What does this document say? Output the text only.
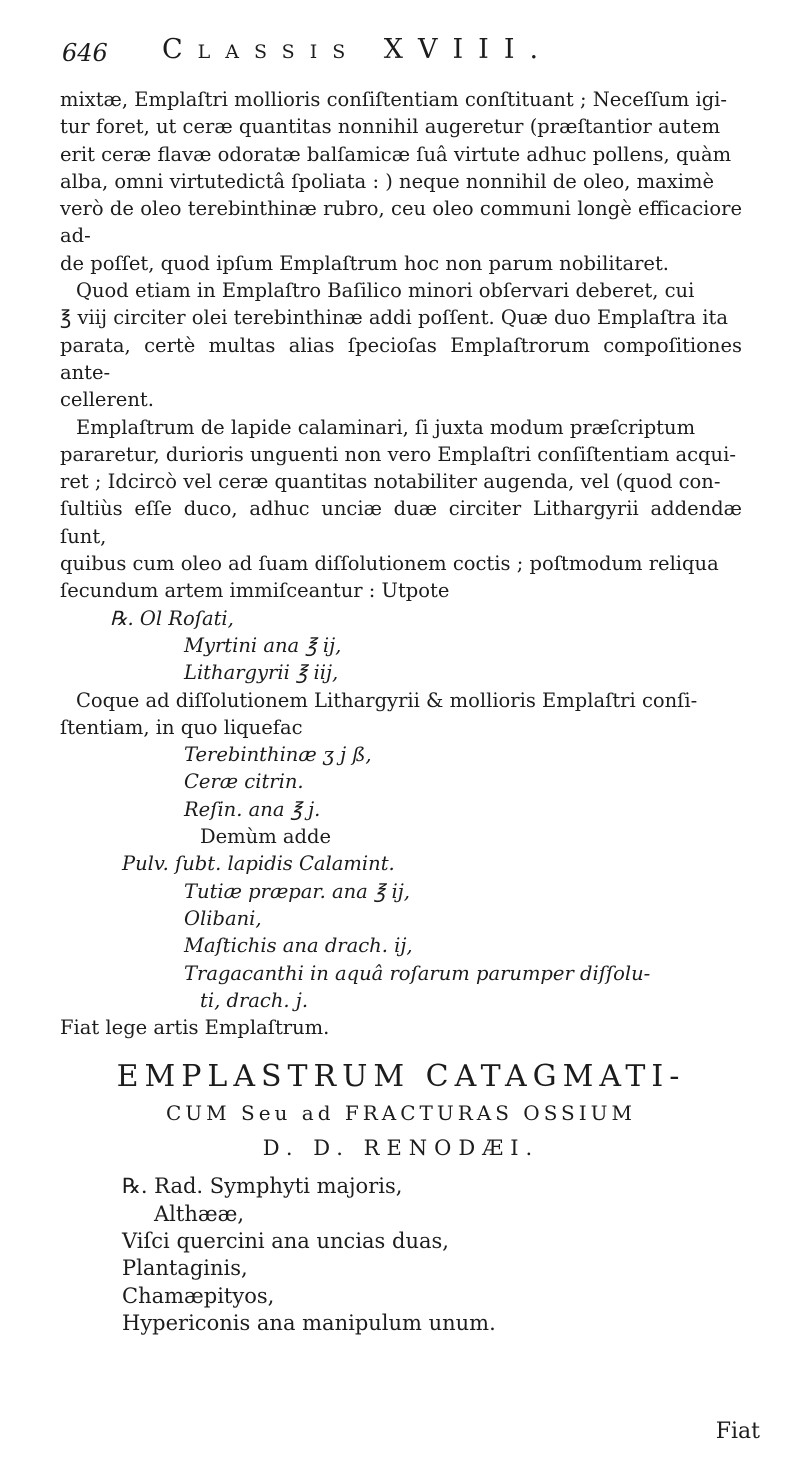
646 Classis XVIII.

mixtæ, Emplaſtri mollioris conſiſtentiam conſtituant ; Neceſſum igi-

tur foret, ut ceræ quantitas nonnihil augeretur (præſtantior autem

erit ceræ flavæ odoratæ balſamicæ ſuâ virtute adhuc pollens, quàm

alba, omni virtutedictâ ſpoliata : ) neque nonnihil de oleo, maximè

verò de oleo terebinthinæ rubro, ceu oleo communi longè efficaciore ad-

de poſſet, quod ipſum Emplaſtrum hoc non parum nobilitaret.

Quod etiam in Emplaſtro Baſilico minori obſervari deberet, cui

℥ viij circiter olei terebinthinæ addi poſſent. Quæ duo Emplaſtra ita

parata, certè multas alias ſpecioſas Emplaſtrorum compoſitiones ante-

cellerent.

Emplaſtrum de lapide calaminari, ſi juxta modum præſcriptum

pararetur, durioris unguenti non vero Emplaſtri conſiſtentiam acqui-

ret ; Idcircò vel ceræ quantitas notabiliter augenda, vel (quod con-

ſultiùs eſſe duco, adhuc unciæ duæ circiter Lithargyrii addendæ ſunt,

quibus cum oleo ad ſuam diſſolutionem coctis ; poſtmodum reliqua

ſecundum artem immiſceantur : Utpote

℞. Ol Roſati,

Myrtini ana ℥ ij,

Lithargyrii ℥ iij,

Coque ad diſſolutionem Lithargyrii & mollioris Emplaſtri conſi-

ſtentiam, in quo liquefac

Terebinthinæ ʒ j ß,

Ceræ citrin.

Reſin. ana ℥ j.

Demùm adde

Pulv. ſubt. lapidis Calamint.

Tutiæ præpar. ana ℥ ij,

Olibani,

Maſtichis ana drach. ij,

Tragacanthi in aquâ roſarum parumper diſſolu-

ti, drach. j.

Fiat lege artis Emplaſtrum.

EMPLASTRUM CATAGMATI-
CUM Seu ad FRACTURAS OSSIUM
D. D. RENODÆI.

℞. Rad. Symphyti majoris,

Althææ,

Viſci quercini ana uncias duas,

Plantaginis,

Chamæpityos,

Hypericonis ana manipulum unum.

Fiat
